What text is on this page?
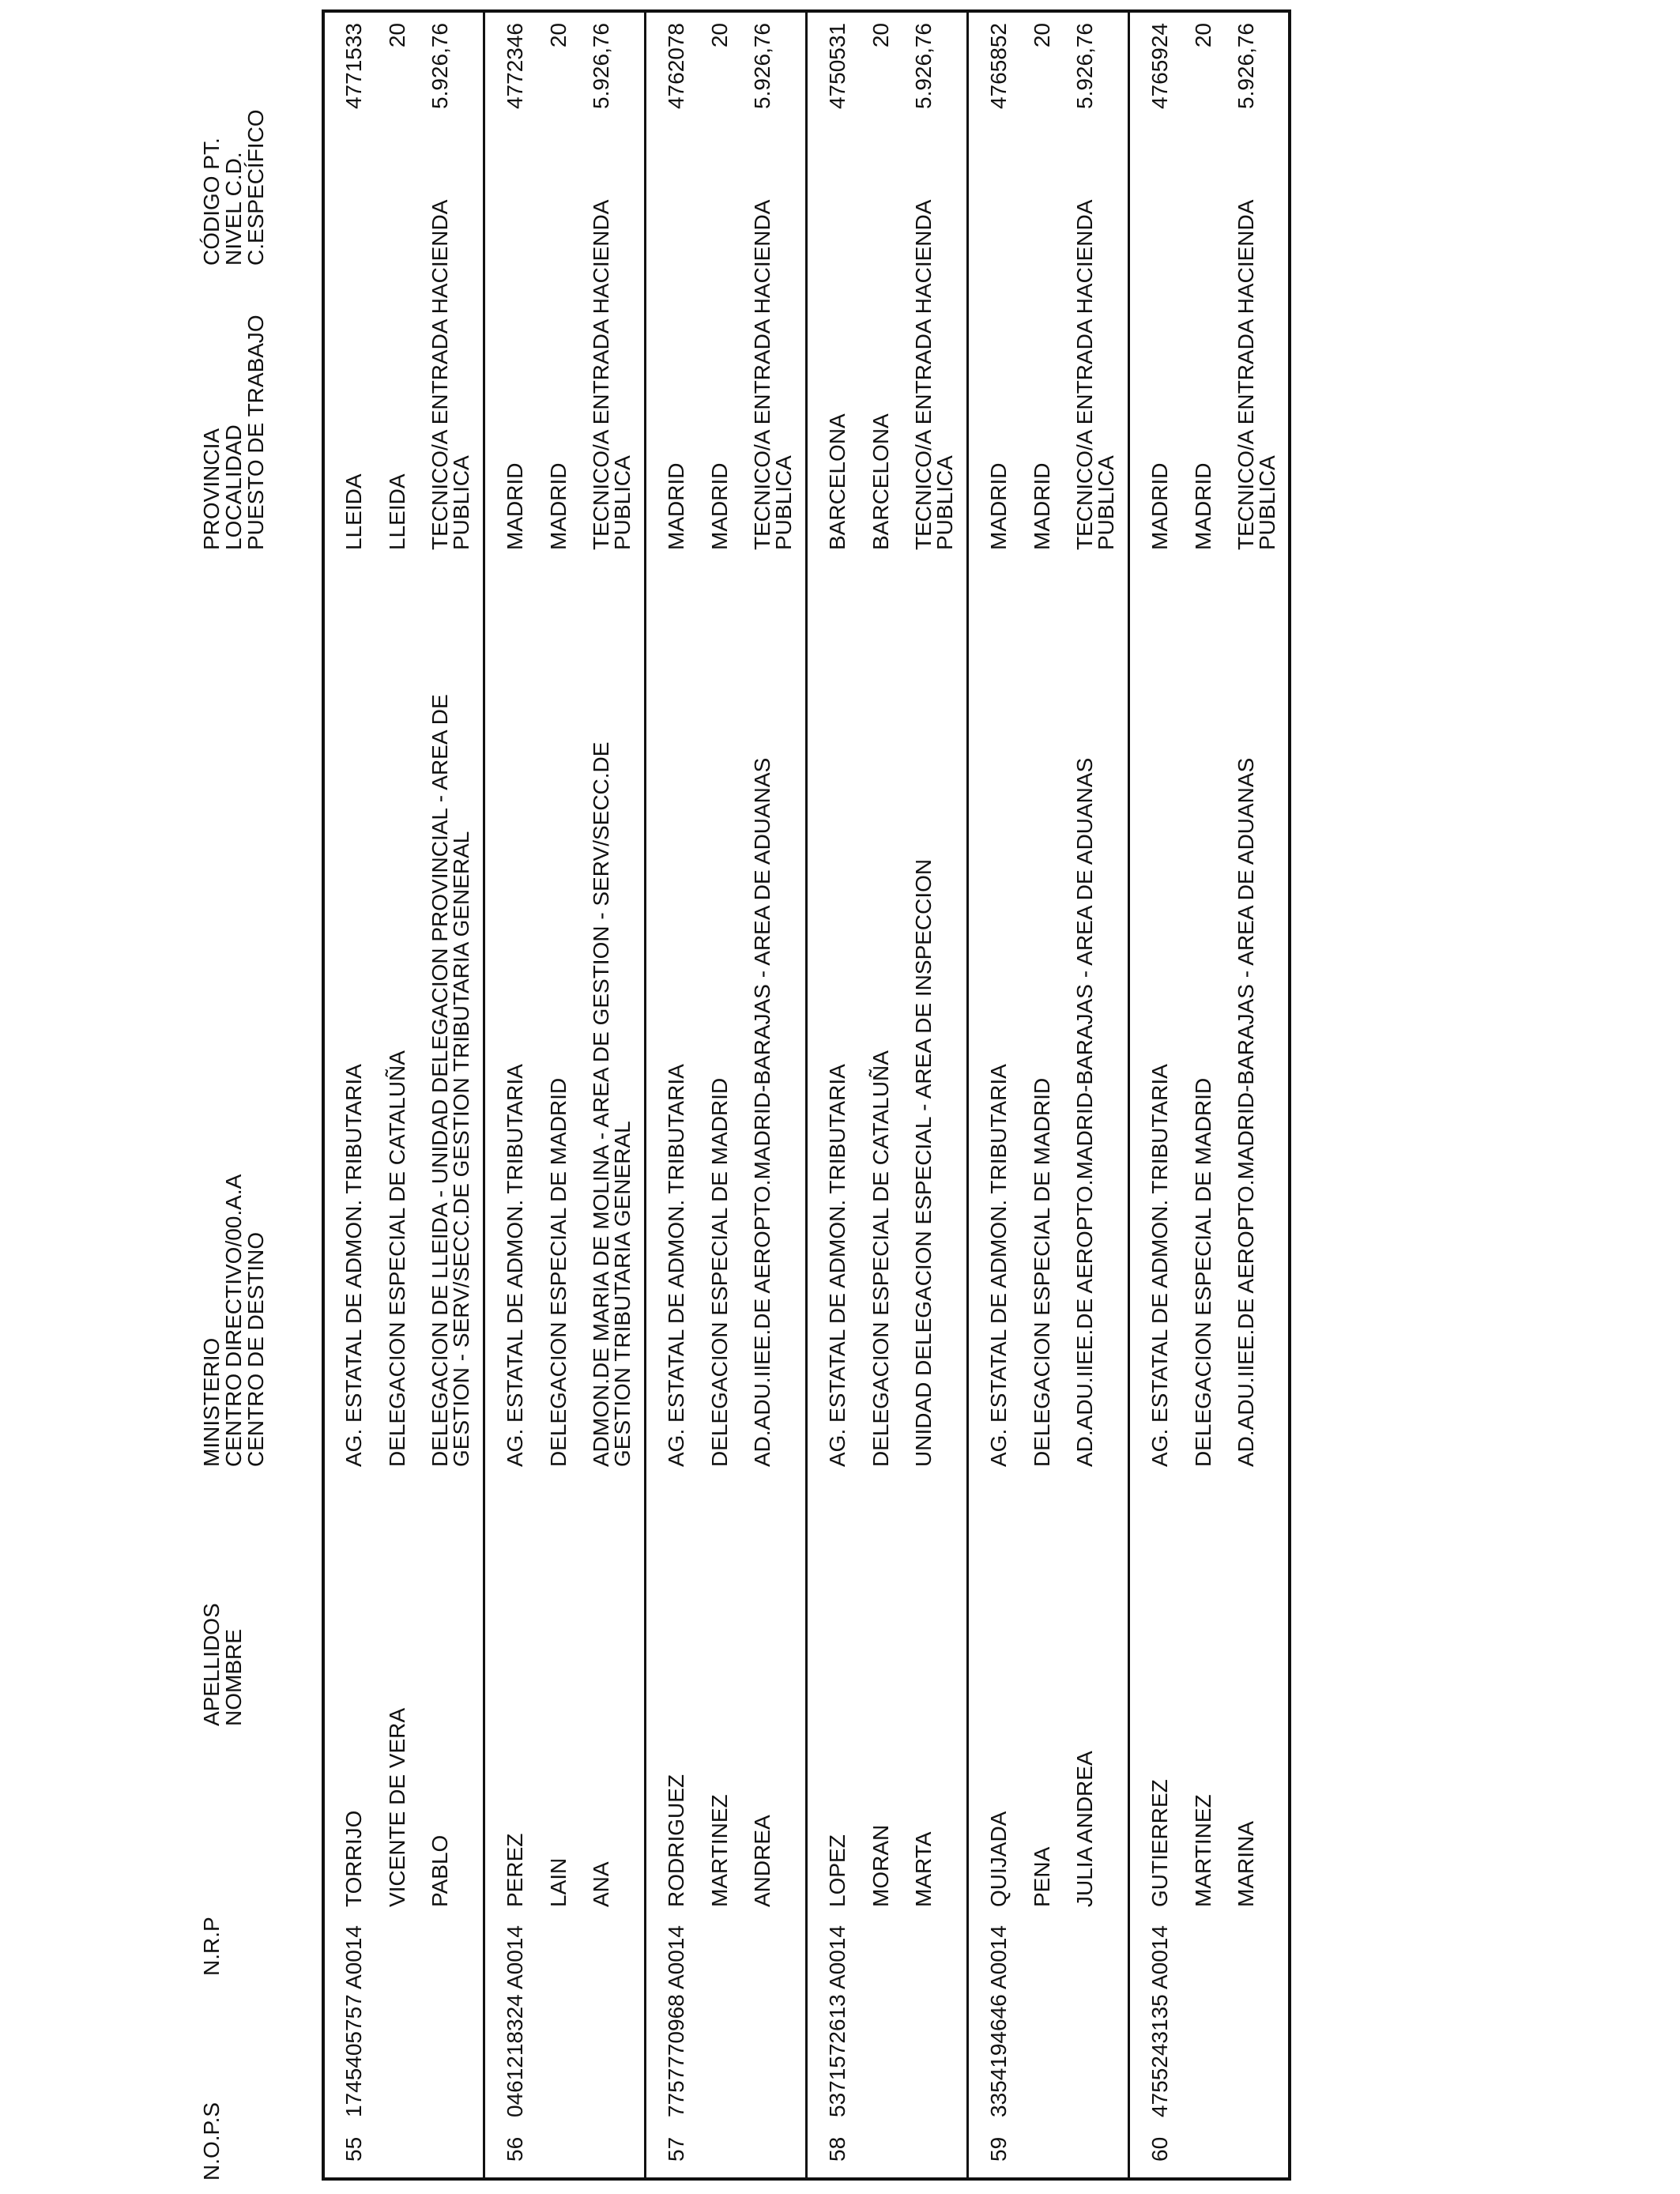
N.O.P.S
N.R.P
APELLIDOS
NOMBRE
MINISTERIO
CENTRO DIRECTIVO/00.A.A
CENTRO DE DESTINO
PROVINCIA
LOCALIDAD
PUESTO DE TRABAJO
CÓDIGO PT.
NIVEL C.D.
C.ESPECÍFICO
55
1745405757 A0014
TORRIJO VICENTE DE VERA PABLO
AG. ESTATAL DE ADMON. TRIBUTARIA DELEGACION ESPECIAL DE CATALUÑA DELEGACION DE LLEIDA - UNIDAD DELEGACION PROVINCIAL - AREA DE
GESTION - SERV/SECC.DE GESTION TRIBUTARIA GENERAL
LLEIDA LLEIDA TECNICO/A ENTRADA HACIENDA
PUBLICA
4771533 20 5.926,76
56
0461218324 A0014
PEREZ LAIN ANA
AG. ESTATAL DE ADMON. TRIBUTARIA DELEGACION ESPECIAL DE MADRID ADMON.DE MARIA DE MOLINA - AREA DE GESTION - SERV/SECC.DE
GESTION TRIBUTARIA GENERAL
MADRID MADRID TECNICO/A ENTRADA HACIENDA
PUBLICA
4772346 20 5.926,76
57
7757770968 A0014
RODRIGUEZ MARTINEZ ANDREA
AG. ESTATAL DE ADMON. TRIBUTARIA DELEGACION ESPECIAL DE MADRID AD.ADU.IIEE.DE AEROPTO.MADRID-BARAJAS - AREA DE ADUANAS
MADRID MADRID TECNICO/A ENTRADA HACIENDA
PUBLICA
4762078 20 5.926,76
58
5371572613 A0014
LOPEZ MORAN MARTA
AG. ESTATAL DE ADMON. TRIBUTARIA DELEGACION ESPECIAL DE CATALUÑA UNIDAD DELEGACION ESPECIAL - AREA DE INSPECCION
BARCELONA BARCELONA TECNICO/A ENTRADA HACIENDA
PUBLICA
4750531 20 5.926,76
59
3354194646 A0014
QUIJADA PENA JULIA ANDREA
AG. ESTATAL DE ADMON. TRIBUTARIA DELEGACION ESPECIAL DE MADRID AD.ADU.IIEE.DE AEROPTO.MADRID-BARAJAS - AREA DE ADUANAS
MADRID MADRID TECNICO/A ENTRADA HACIENDA
PUBLICA
4765852 20 5.926,76
60
4755243135 A0014
GUTIERREZ MARTINEZ MARINA
AG. ESTATAL DE ADMON. TRIBUTARIA DELEGACION ESPECIAL DE MADRID AD.ADU.IIEE.DE AEROPTO.MADRID-BARAJAS - AREA DE ADUANAS
MADRID MADRID TECNICO/A ENTRADA HACIENDA
PUBLICA
4765924 20 5.926,76
